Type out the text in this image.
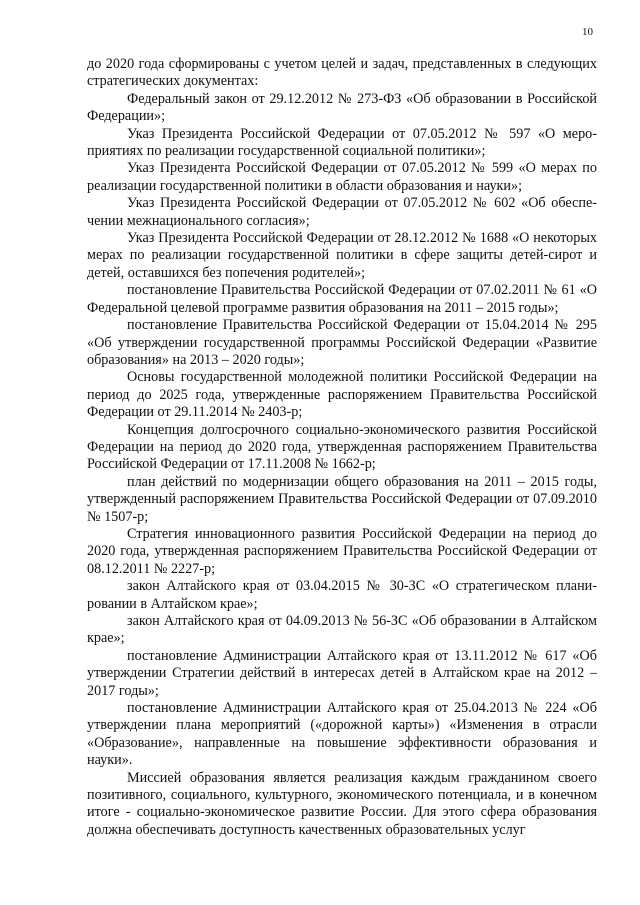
10

до 2020 года сформированы с учетом целей и задач, представленных в следующих стратегических документах:

Федеральный закон от 29.12.2012 № 273-ФЗ «Об образовании в Российской Федерации»;

Указ Президента Российской Федерации от 07.05.2012 № 597 «О мероприятиях по реализации государственной социальной политики»;

Указ Президента Российской Федерации от 07.05.2012 № 599 «О мерах по реализации государственной политики в области образования и науки»;

Указ Президента Российской Федерации от 07.05.2012 № 602 «Об обеспечении межнационального согласия»;

Указ Президента Российской Федерации от 28.12.2012 № 1688 «О некоторых мерах по реализации государственной политики в сфере защиты детей-сирот и детей, оставшихся без попечения родителей»;

постановление Правительства Российской Федерации от 07.02.2011 № 61 «О Федеральной целевой программе развития образования на 2011 – 2015 годы»;

постановление Правительства Российской Федерации от 15.04.2014 № 295 «Об утверждении государственной программы Российской Федерации «Развитие образования» на 2013 – 2020 годы»;

Основы государственной молодежной политики Российской Федерации на период до 2025 года, утвержденные распоряжением Правительства Российской Федерации от 29.11.2014 № 2403-р;

Концепция долгосрочного социально-экономического развития Российской Федерации на период до 2020 года, утвержденная распоряжением Правительства Российской Федерации от 17.11.2008 № 1662-р;

план действий по модернизации общего образования на 2011 – 2015 годы, утвержденный распоряжением Правительства Российской Федерации от 07.09.2010 № 1507-р;

Стратегия инновационного развития Российской Федерации на период до 2020 года, утвержденная распоряжением Правительства Российской Федерации от 08.12.2011 № 2227-р;

закон Алтайского края от 03.04.2015 № 30-ЗС «О стратегическом планировании в Алтайском крае»;

закон Алтайского края от 04.09.2013 № 56-ЗС «Об образовании в Алтайском крае»;

постановление Администрации Алтайского края от 13.11.2012 № 617 «Об утверждении Стратегии действий в интересах детей в Алтайском крае на 2012 – 2017 годы»;

постановление Администрации Алтайского края от 25.04.2013 № 224 «Об утверждении плана мероприятий («дорожной карты») «Изменения в отрасли «Образование», направленные на повышение эффективности образования и науки».

Миссией образования является реализация каждым гражданином своего позитивного, социального, культурного, экономического потенциала, и в конечном итоге - социально-экономическое развитие России. Для этого сфера образования должна обеспечивать доступность качественных образовательных услуг
